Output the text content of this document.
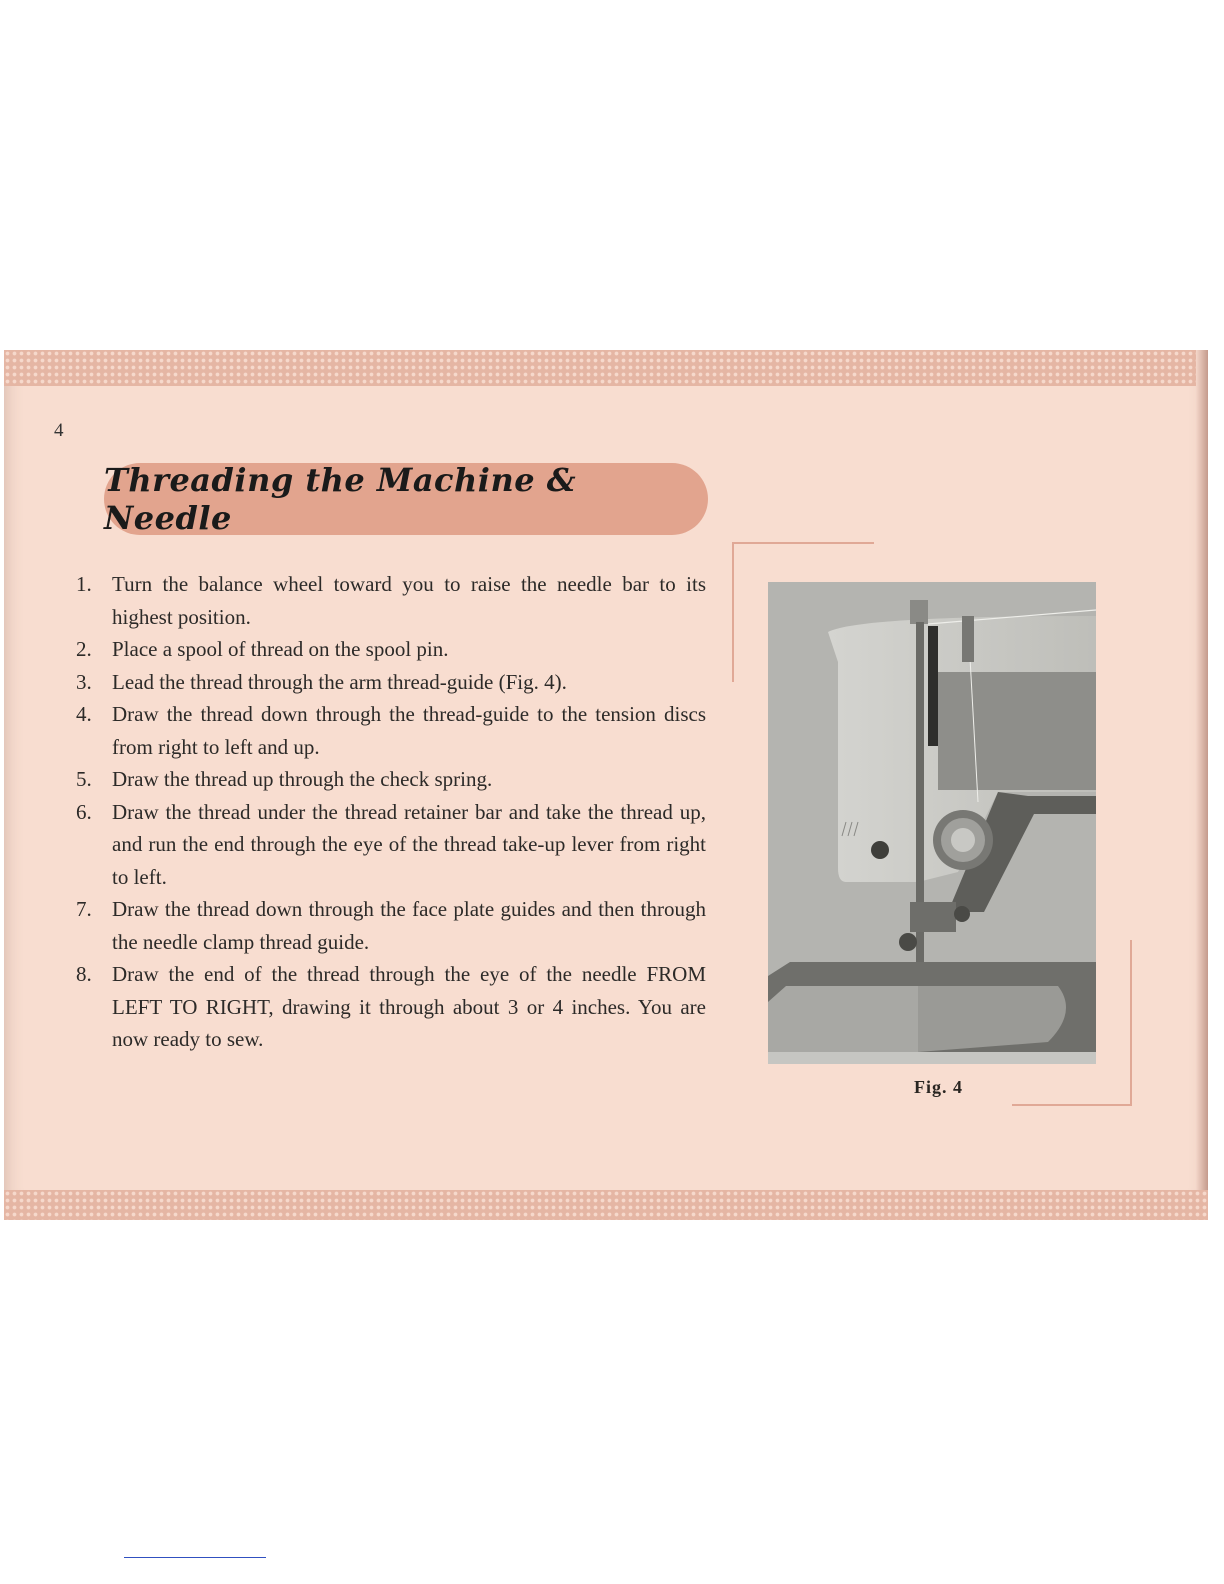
4
Threading the Machine & Needle
1. Turn the balance wheel toward you to raise the needle bar to its highest position.
2. Place a spool of thread on the spool pin.
3. Lead the thread through the arm thread-guide (Fig. 4).
4. Draw the thread down through the thread-guide to the tension discs from right to left and up.
5. Draw the thread up through the check spring.
6. Draw the thread under the thread retainer bar and take the thread up, and run the end through the eye of the thread take-up lever from right to left.
7. Draw the thread down through the face plate guides and then through the needle clamp thread guide.
8. Draw the end of the thread through the eye of the needle FROM LEFT TO RIGHT, drawing it through about 3 or 4 inches. You are now ready to sew.
Fig. 4
